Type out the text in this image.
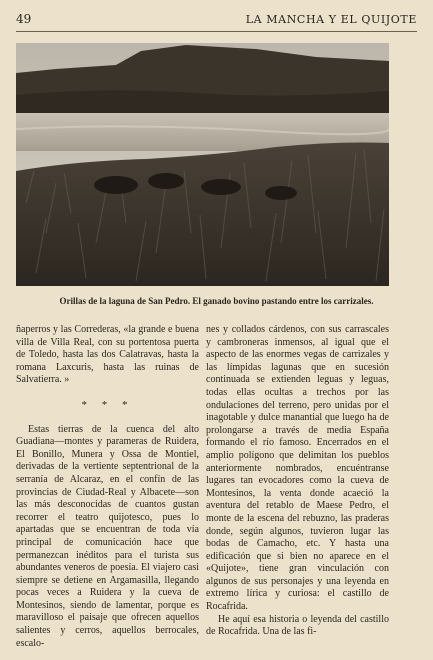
49	LA MANCHA Y EL QUIJOTE
Orillas de la laguna de San Pedro. El ganado bovino pastando entre los carrizales.

ñaperros y las Correderas, «la grande e buena villa de Villa Real, con su portentosa puerta de Toledo, hasta las dos Calatravas, hasta la romana Laxcuris, hasta las ruinas de Salvatierra. »

* * *

Estas tierras de la cuenca del alto Guadiana—montes y parameras de Ruidera, El Bonillo, Munera y Ossa de Montiel, derivadas de la vertiente septentrional de la serranía de Alcaraz, en el confín de las provincias de Ciudad-Real y Albacete—son las más desconocidas de cuantos gustan recorrer el teatro quijotesco, pues lo apartadas que se encuentran de toda vía principal de comunicación hace que permanezcan inéditos para el turista sus abundantes veneros de poesía. El viajero casi siempre se detiene en Argamasilla, llegando pocas veces a Ruidera y la cueva de Montesinos, siendo de lamentar, porque es maravilloso el paisaje que ofrecen aquellos salientes y cerros, aquellos berrocales, escalo-

nes y collados cárdenos, con sus carrascales y cambroneras inmensos, al igual que el aspecto de las enormes vegas de carrizales y las límpidas lagunas que en sucesión continuada se extienden leguas y leguas, todas ellas ocultas a trechos por las ondulaciones del terreno, pero unidas por el inagotable y dulce manantial que luego ha de prolongarse a través de media España formando el río famoso. Encerrados en el amplio polígono que delimitan los pueblos anteriormente nombrados, encuéntranse lugares tan evocadores como la cueva de Montesinos, la venta donde acaeció la aventura del retablo de Maese Pedro, el monte de la escena del rebuzno, las praderas donde, según algunos, tuvieron lugar las bodas de Camacho, etc. Y hasta una edificación que si bien no aparece en el «Quijote», tiene gran vinculación con algunos de sus personajes y una leyenda en extremo lírica y curiosa: el castillo de Rocafrida.

He aquí esa historia o leyenda del castillo de Rocafrida. Una de las fi-
